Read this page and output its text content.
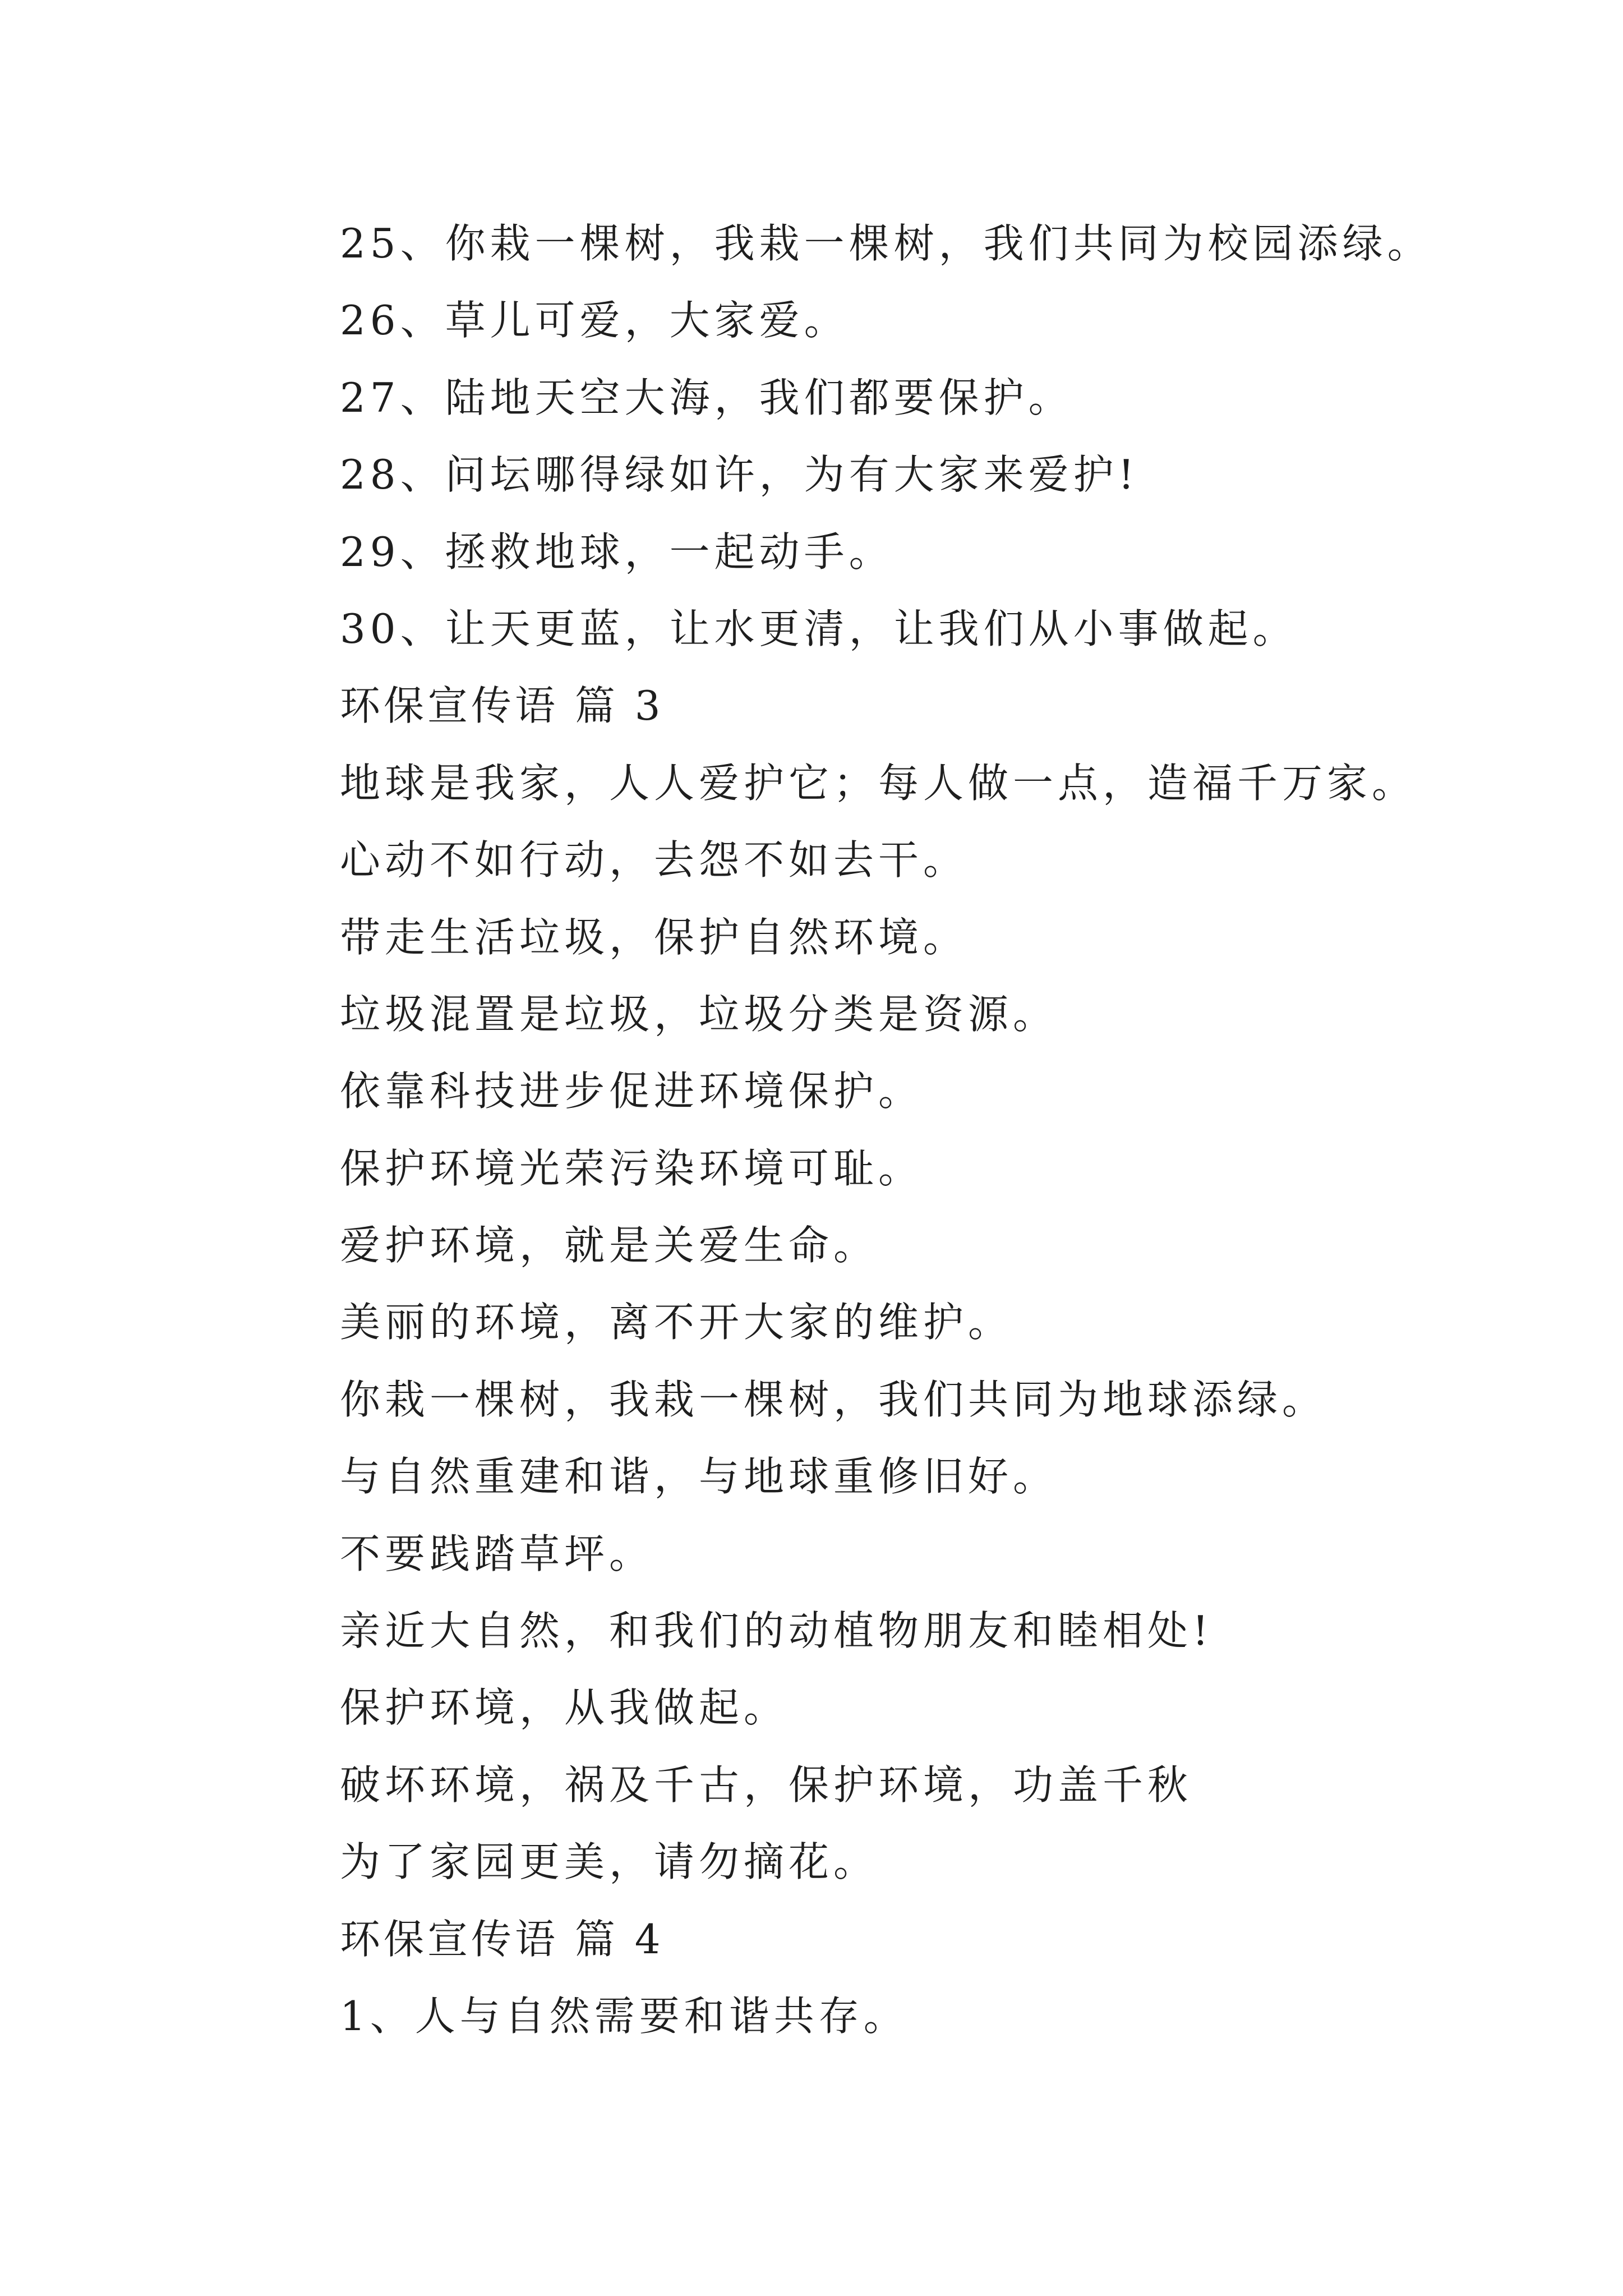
25、你栽一棵树，我栽一棵树，我们共同为校园添绿。

26、草儿可爱，大家爱。

27、陆地天空大海，我们都要保护。

28、问坛哪得绿如许，为有大家来爱护!

29、拯救地球，一起动手。

30、让天更蓝，让水更清，让我们从小事做起。

环保宣传语 篇 3

地球是我家，人人爱护它；每人做一点，造福千万家。

心动不如行动，去怨不如去干。

带走生活垃圾，保护自然环境。

垃圾混置是垃圾，垃圾分类是资源。

依靠科技进步促进环境保护。

保护环境光荣污染环境可耻。

爱护环境，就是关爱生命。

美丽的环境，离不开大家的维护。

你栽一棵树，我栽一棵树，我们共同为地球添绿。

与自然重建和谐，与地球重修旧好。

不要践踏草坪。

亲近大自然，和我们的动植物朋友和睦相处!

保护环境，从我做起。

破坏环境，祸及千古，保护环境，功盖千秋

为了家园更美，请勿摘花。

环保宣传语 篇 4

1、人与自然需要和谐共存。
